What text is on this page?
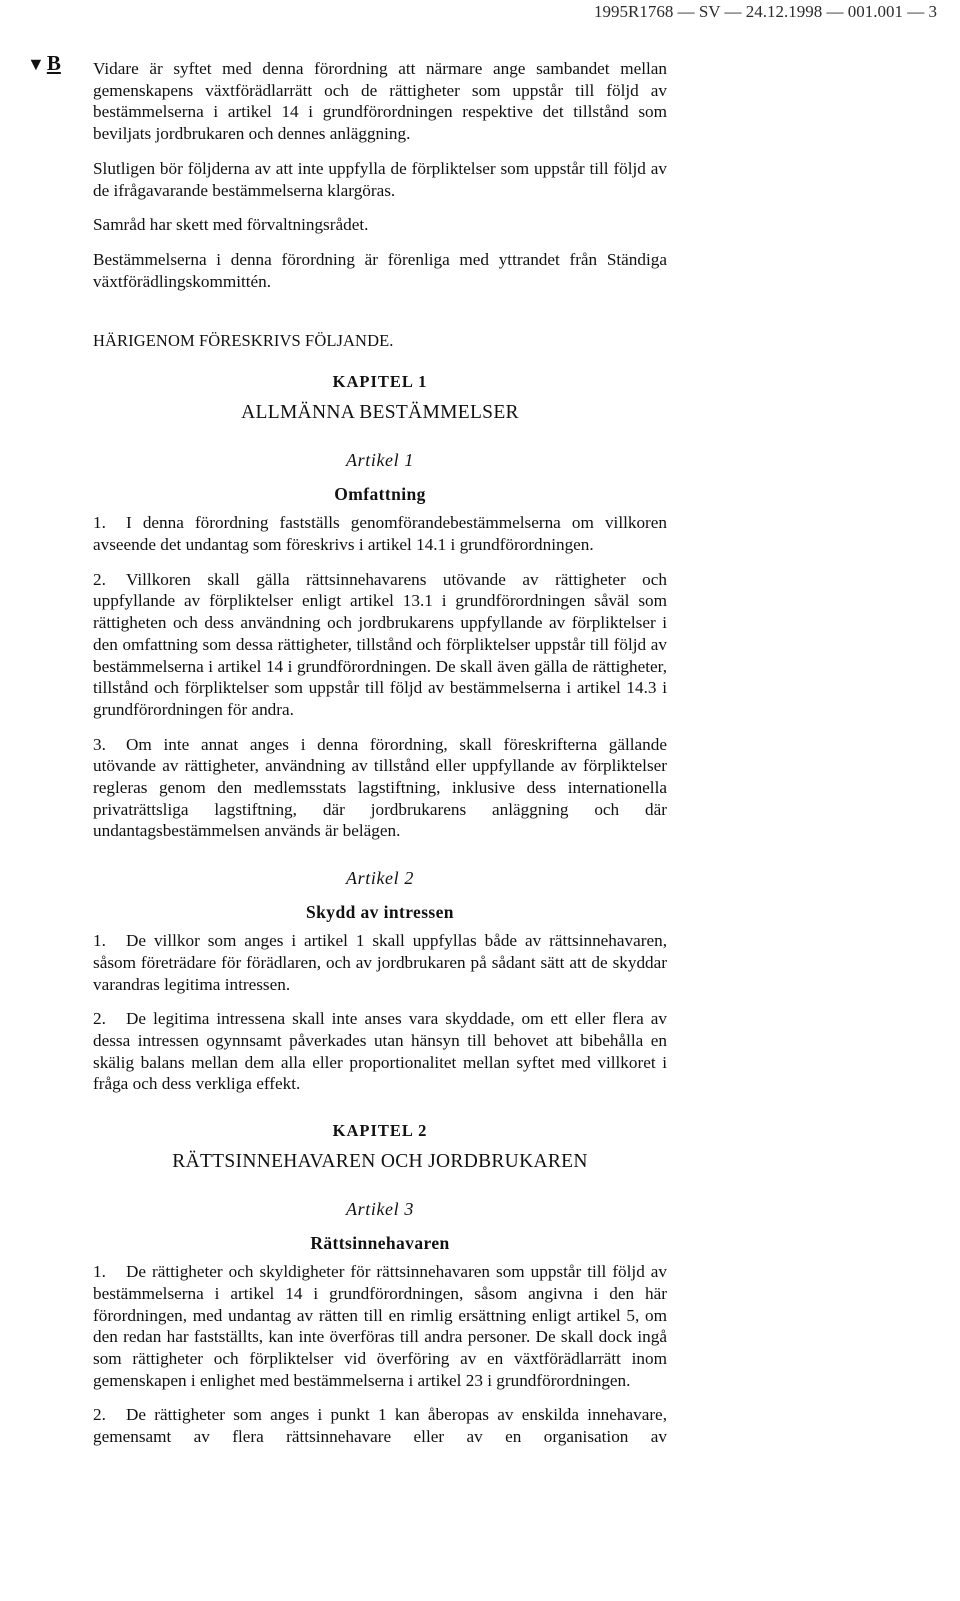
1995R1768 — SV — 24.12.1998 — 001.001 — 3
▼B Vidare är syftet med denna förordning att närmare ange sambandet mellan gemenskapens växtförädlarrätt och de rättigheter som uppstår till följd av bestämmelserna i artikel 14 i grundförordningen respektive det tillstånd som beviljats jordbrukaren och dennes anläggning.

Slutligen bör följderna av att inte uppfylla de förpliktelser som uppstår till följd av de ifrågavarande bestämmelserna klargöras.

Samråd har skett med förvaltningsrådet.

Bestämmelserna i denna förordning är förenliga med yttrandet från Ständiga växtförädlingskommittén.

HÄRIGENOM FÖRESKRIVS FÖLJANDE.

KAPITEL 1

ALLMÄNNA BESTÄMMELSER

Artikel 1

Omfattning

1. I denna förordning fastställs genomförandebestämmelserna om villkoren avseende det undantag som föreskrivs i artikel 14.1 i grundförordningen.

2. Villkoren skall gälla rättsinnehavarens utövande av rättigheter och uppfyllande av förpliktelser enligt artikel 13.1 i grundförordningen såväl som rättigheten och dess användning och jordbrukarens uppfyllande av förpliktelser i den omfattning som dessa rättigheter, tillstånd och förpliktelser uppstår till följd av bestämmelserna i artikel 14 i grundförordningen. De skall även gälla de rättigheter, tillstånd och förpliktelser som uppstår till följd av bestämmelserna i artikel 14.3 i grundförordningen för andra.

3. Om inte annat anges i denna förordning, skall föreskrifterna gällande utövande av rättigheter, användning av tillstånd eller uppfyllande av förpliktelser regleras genom den medlemsstats lagstiftning, inklusive dess internationella privaträttsliga lagstiftning, där jordbrukarens anläggning och där undantagsbestämmelsen används är belägen.

Artikel 2

Skydd av intressen

1. De villkor som anges i artikel 1 skall uppfyllas både av rättsinnehavaren, såsom företrädare för förädlaren, och av jordbrukaren på sådant sätt att de skyddar varandras legitima intressen.

2. De legitima intressena skall inte anses vara skyddade, om ett eller flera av dessa intressen ogynnsamt påverkades utan hänsyn till behovet att bibehålla en skälig balans mellan dem alla eller proportionalitet mellan syftet med villkoret i fråga och dess verkliga effekt.

KAPITEL 2

RÄTTSINNEHAVAREN OCH JORDBRUKAREN

Artikel 3

Rättsinnehavaren

1. De rättigheter och skyldigheter för rättsinnehavaren som uppstår till följd av bestämmelserna i artikel 14 i grundförordningen, såsom angivna i den här förordningen, med undantag av rätten till en rimlig ersättning enligt artikel 5, om den redan har fastställts, kan inte överföras till andra personer. De skall dock ingå som rättigheter och förpliktelser vid överföring av en växtförädlarrätt inom gemenskapen i enlighet med bestämmelserna i artikel 23 i grundförordningen.

2. De rättigheter som anges i punkt 1 kan åberopas av enskilda innehavare, gemensamt av flera rättsinnehavare eller av en organisation av
